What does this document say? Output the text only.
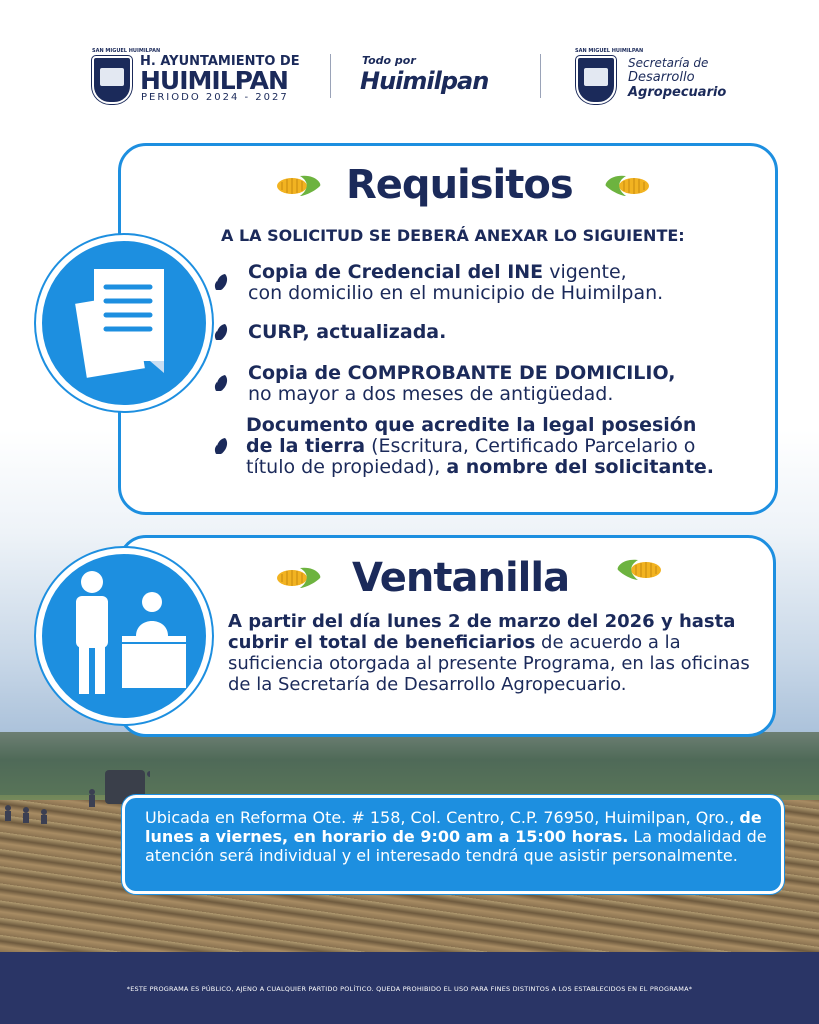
SAN MIGUEL HUIMILPAN
H. AYUNTAMIENTO DE
HUIMILPAN
PERIODO 2024 - 2027
Todo por
Huimilpan
SAN MIGUEL HUIMILPAN
Secretaría de
Desarrollo
Agropecuario
Requisitos
A LA SOLICITUD SE DEBERÁ ANEXAR LO SIGUIENTE:
Copia de Credencial del INE vigente,
con domicilio en el municipio de Huimilpan.
CURP, actualizada.
Copia de COMPROBANTE DE DOMICILIO,
no mayor a dos meses de antigüedad.
Documento que acredite la legal posesión
de la tierra (Escritura, Certificado Parcelario o
título de propiedad), a nombre del solicitante.
Ventanilla
A partir del día lunes 2 de marzo del 2026 y hasta cubrir el total de beneficiarios de acuerdo a la suficiencia otorgada al presente Programa, en las oficinas de la Secretaría de Desarrollo Agropecuario.
Ubicada en Reforma Ote. # 158, Col. Centro, C.P. 76950, Huimilpan, Qro., de lunes a viernes, en horario de 9:00 am a 15:00 horas. La modalidad de atención será individual y el interesado tendrá que asistir personalmente.
*ESTE PROGRAMA ES PÚBLICO, AJENO A CUALQUIER PARTIDO POLÍTICO. QUEDA PROHIBIDO EL USO PARA FINES DISTINTOS A LOS ESTABLECIDOS EN EL PROGRAMA*
